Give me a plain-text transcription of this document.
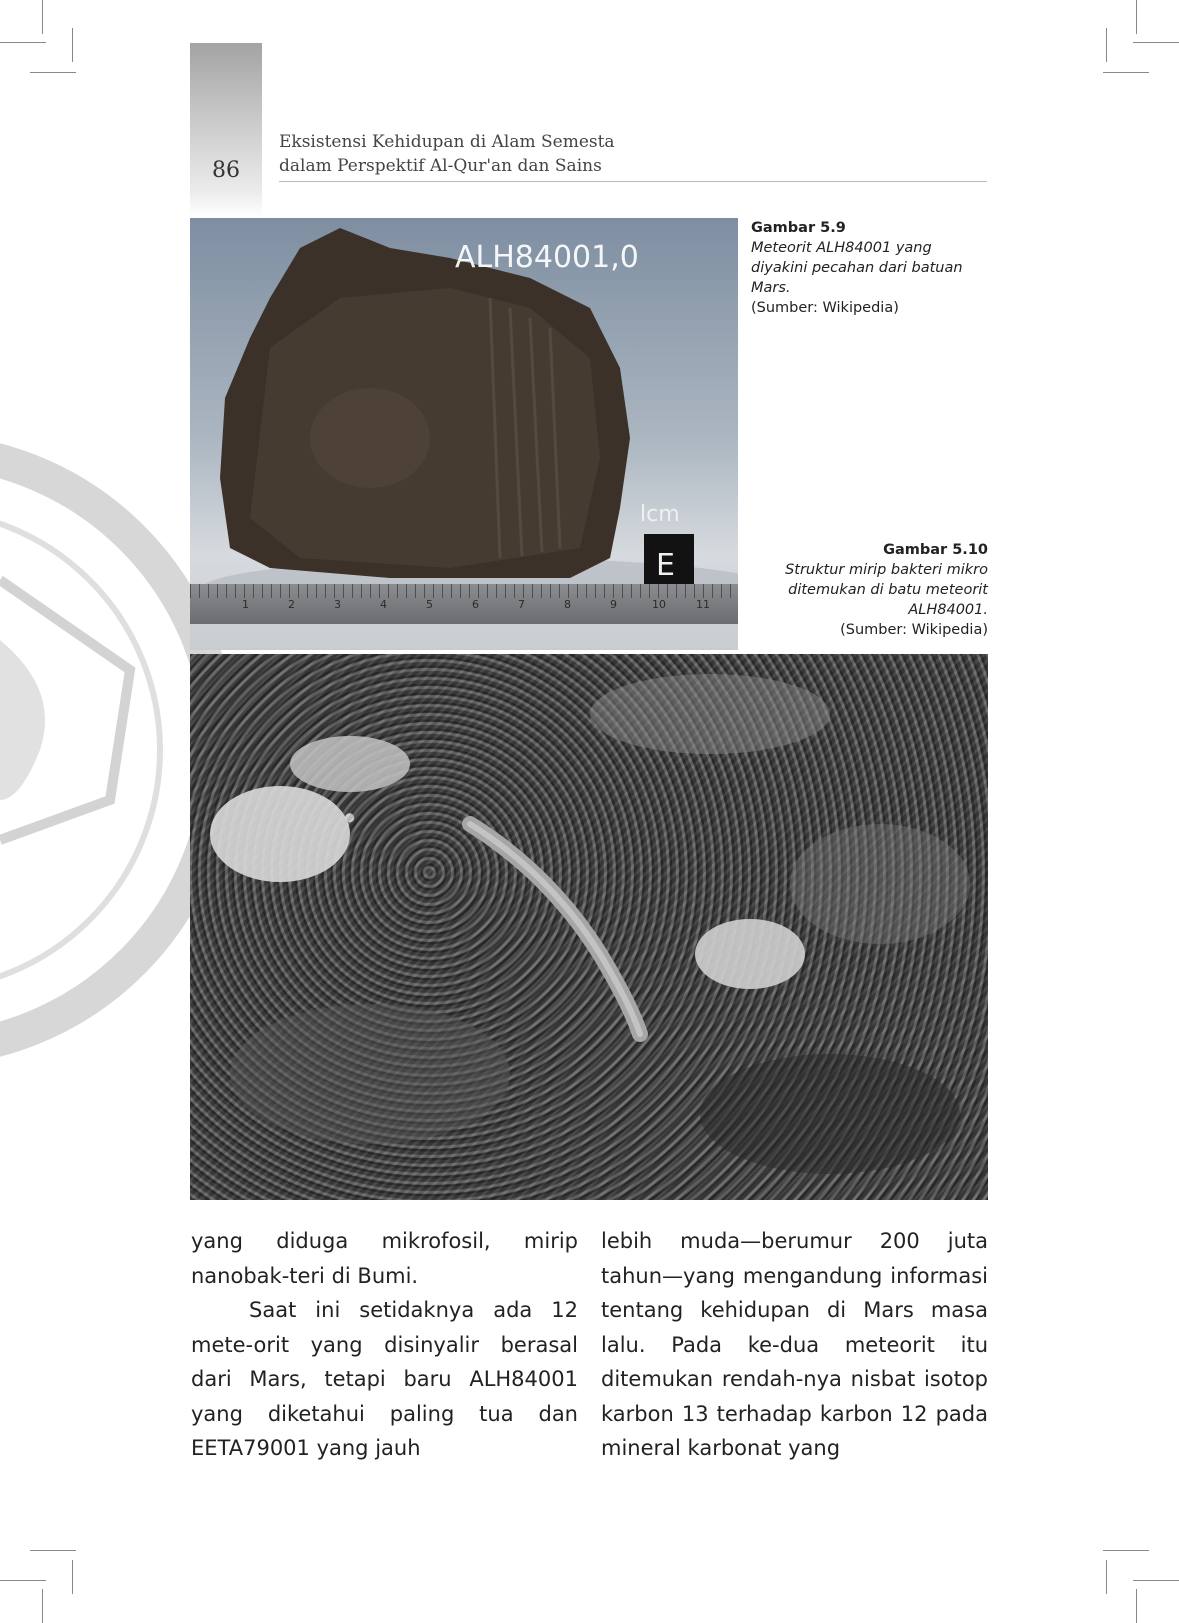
86
Eksistensi Kehidupan di Alam Semesta
dalam Perspektif Al-Qur'an dan Sains
ALH84001,0
lcm
E
1	2	3	4	5	6	7	8	9	10	11
Gambar 5.9
Meteorit ALH84001 yang diyakini pecahan dari batuan Mars.
(Sumber: Wikipedia)
Gambar 5.10
Struktur mirip bakteri mikro ditemukan di batu meteorit ALH84001.
(Sumber: Wikipedia)

yang diduga mikrofosil, mirip nanobak-teri di Bumi.

Saat ini setidaknya ada 12 mete-orit yang disinyalir berasal dari Mars, tetapi baru ALH84001 yang diketahui paling tua dan EETA79001 yang jauh

lebih muda—berumur 200 juta tahun—yang mengandung informasi tentang kehidupan di Mars masa lalu. Pada ke-dua meteorit itu ditemukan rendah-nya nisbat isotop karbon 13 terhadap karbon 12 pada mineral karbonat yang
